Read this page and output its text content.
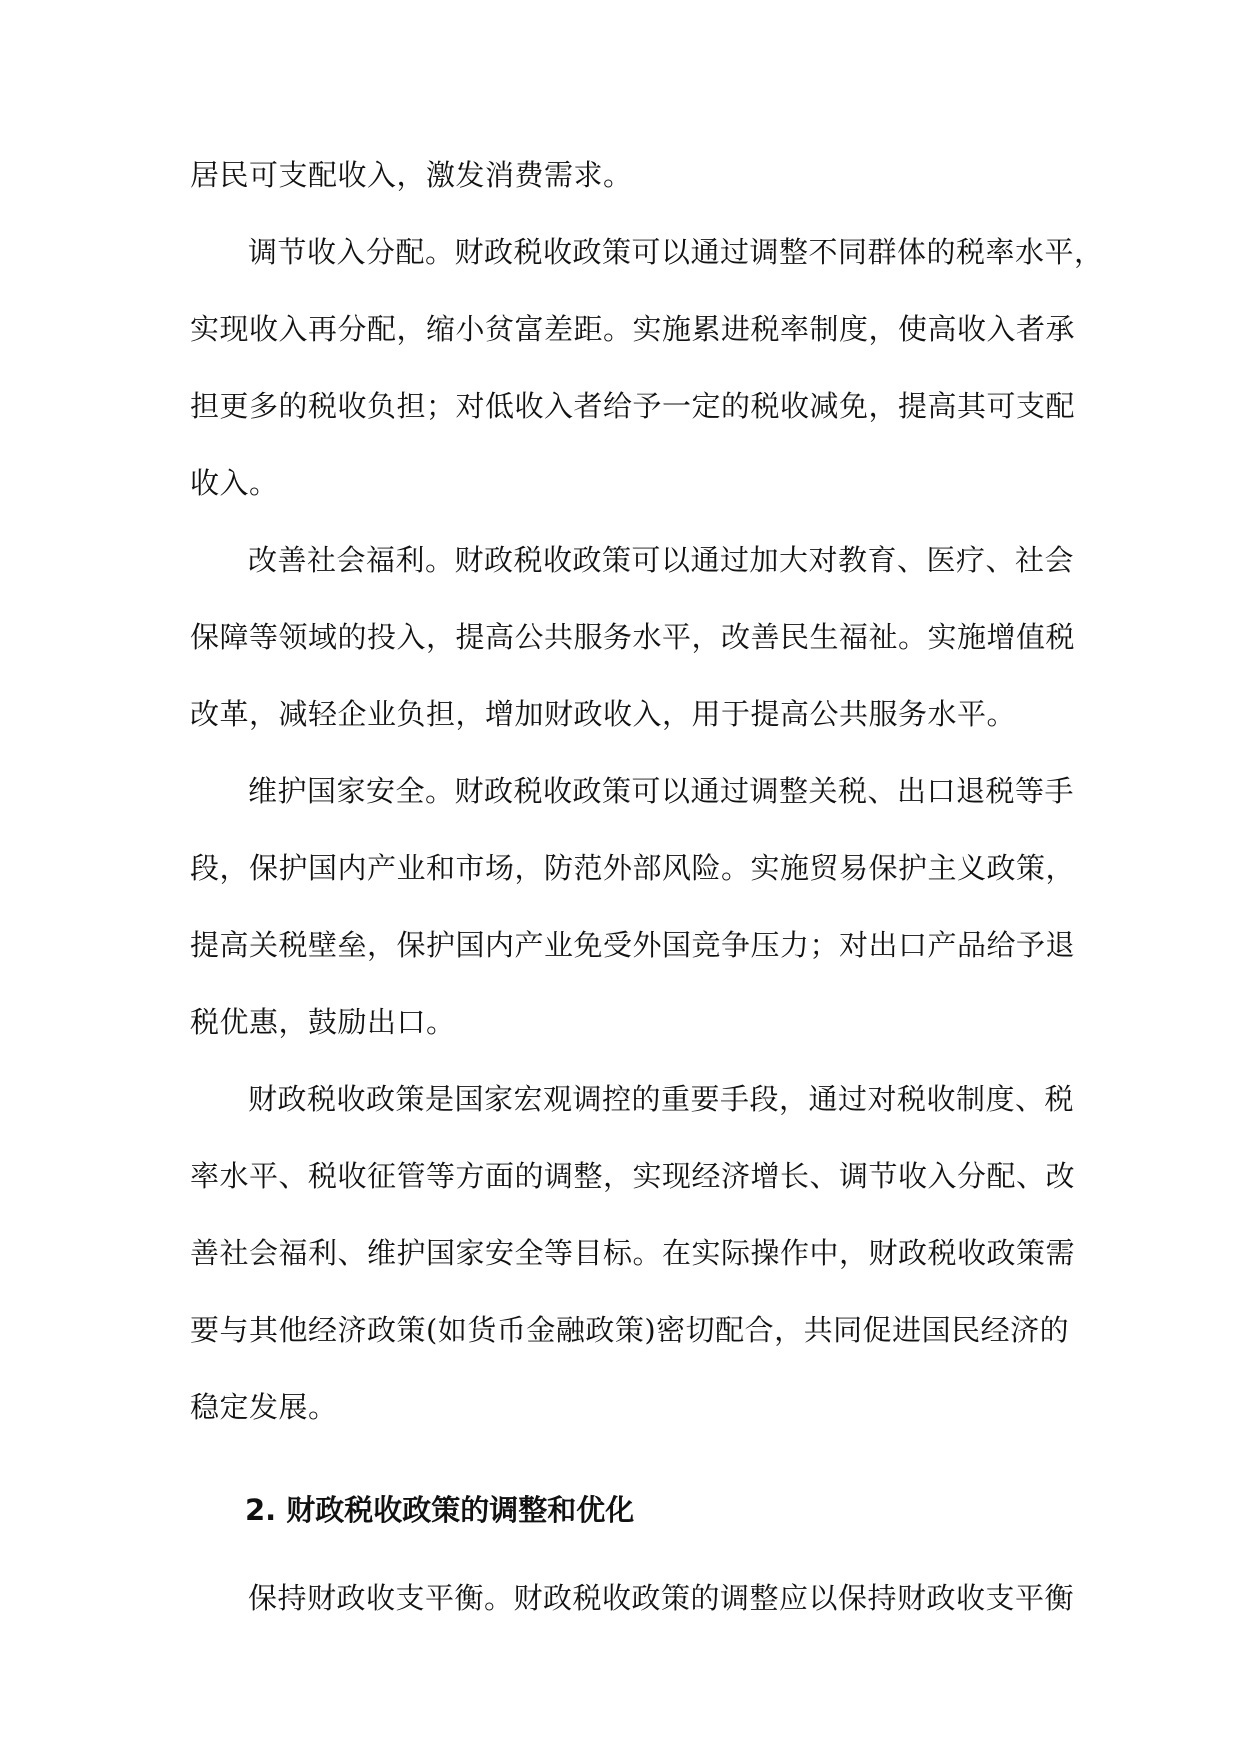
居民可支配收入，激发消费需求。
调节收入分配。财政税收政策可以通过调整不同群体的税率水平，
实现收入再分配，缩小贫富差距。实施累进税率制度，使高收入者承
担更多的税收负担；对低收入者给予一定的税收减免，提高其可支配
收入。
改善社会福利。财政税收政策可以通过加大对教育、医疗、社会
保障等领域的投入，提高公共服务水平，改善民生福祉。实施增值税
改革，减轻企业负担，增加财政收入，用于提高公共服务水平。
维护国家安全。财政税收政策可以通过调整关税、出口退税等手
段，保护国内产业和市场，防范外部风险。实施贸易保护主义政策，
提高关税壁垒，保护国内产业免受外国竞争压力；对出口产品给予退
税优惠，鼓励出口。
财政税收政策是国家宏观调控的重要手段，通过对税收制度、税
率水平、税收征管等方面的调整，实现经济增长、调节收入分配、改
善社会福利、维护国家安全等目标。在实际操作中，财政税收政策需
要与其他经济政策(如货币金融政策)密切配合，共同促进国民经济的
稳定发展。
2. 财政税收政策的调整和优化
保持财政收支平衡。财政税收政策的调整应以保持财政收支平衡
